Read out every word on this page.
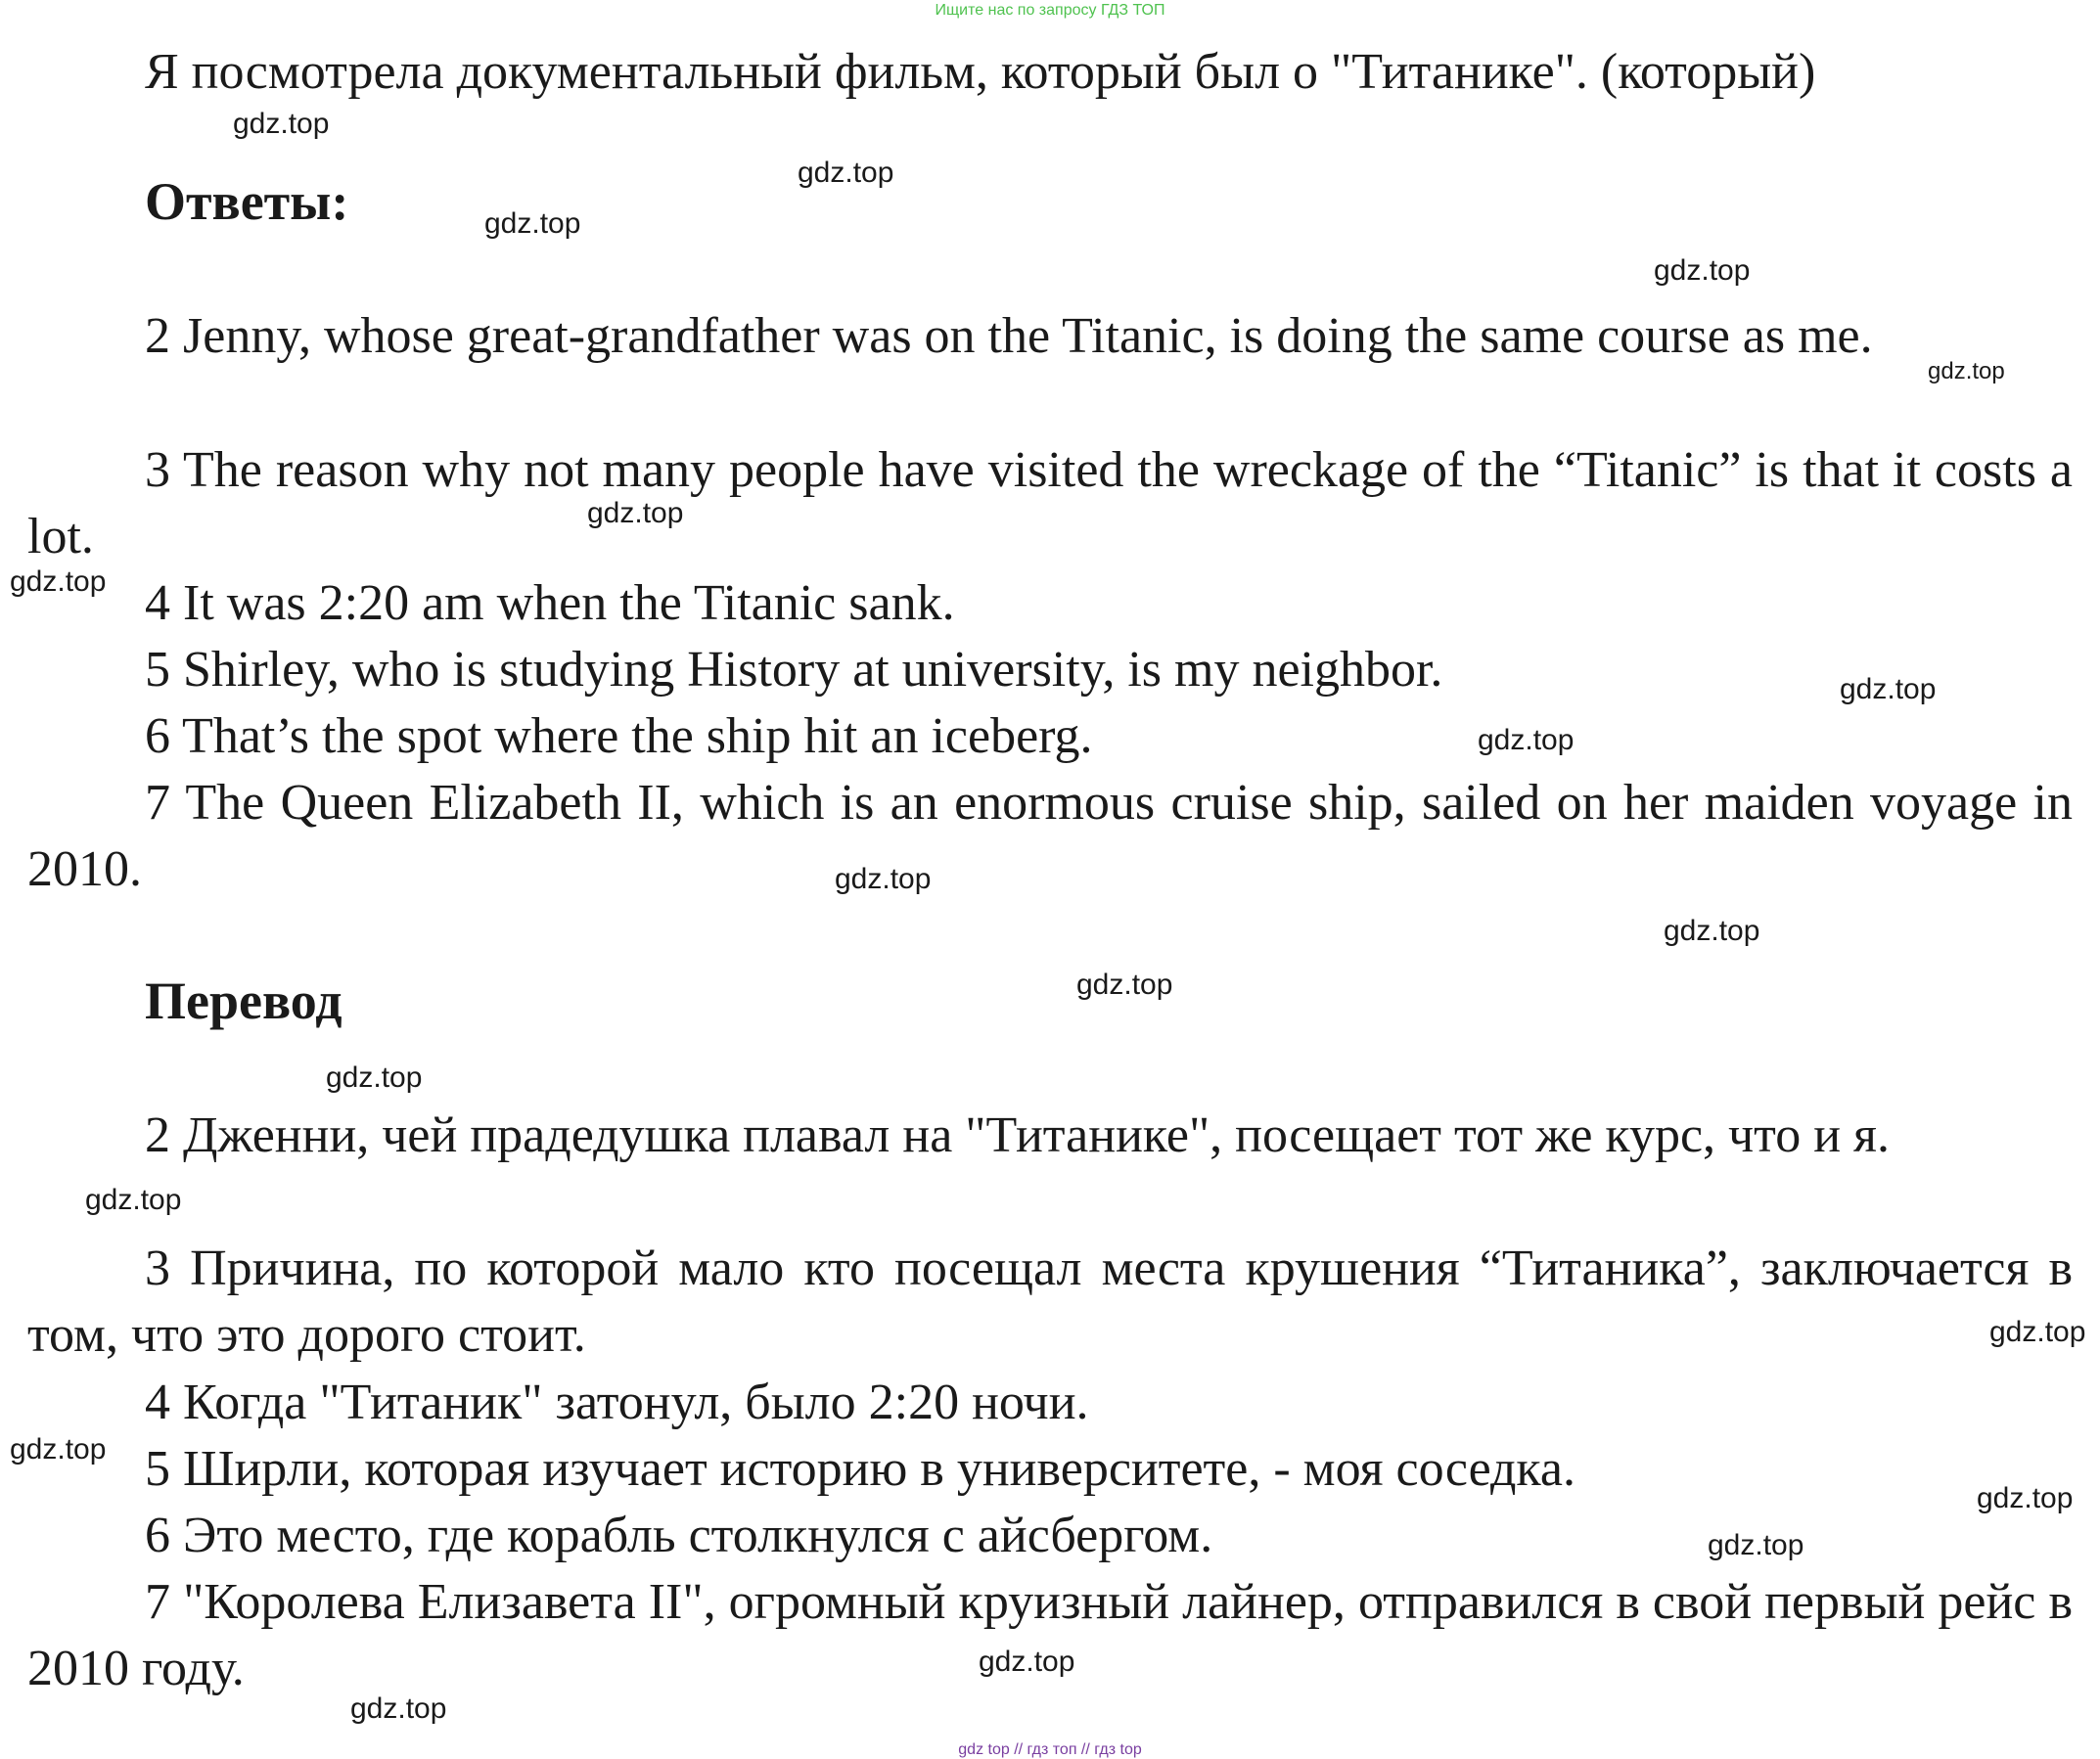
Ищите нас по запросу ГДЗ ТОП

Я посмотрела документальный фильм, который был о "Титанике". (который)

Ответы:

2 Jenny, whose great-grandfather was on the Titanic, is doing the same course as me.

3 The reason why not many people have visited the wreckage of the “Titanic” is that it costs a lot.

4 It was 2:20 am when the Titanic sank.

5 Shirley, who is studying History at university, is my neighbor.

6 That’s the spot where the ship hit an iceberg.

7 The Queen Elizabeth II, which is an enormous cruise ship, sailed on her maiden voyage in 2010.

Перевод

2 Дженни, чей прадедушка плавал на "Титанике", посещает тот же курс, что и я.

3 Причина, по которой мало кто посещал места крушения “Титаника”, заключается в том, что это дорого стоит.

4 Когда "Титаник" затонул, было 2:20 ночи.

5 Ширли, которая изучает историю в университете, - моя соседка.

6 Это место, где корабль столкнулся с айсбергом.

7 "Королева Елизавета II", огромный круизный лайнер, отправился в свой первый рейс в 2010 году.

gdz.top
gdz.top
gdz.top
gdz.top
gdz.top
gdz.top
gdz.top
gdz.top
gdz.top
gdz.top
gdz.top
gdz.top
gdz.top
gdz.top
gdz.top
gdz.top
gdz.top
gdz.top
gdz.top
gdz.top
gdz top // гдз топ // гдз top
